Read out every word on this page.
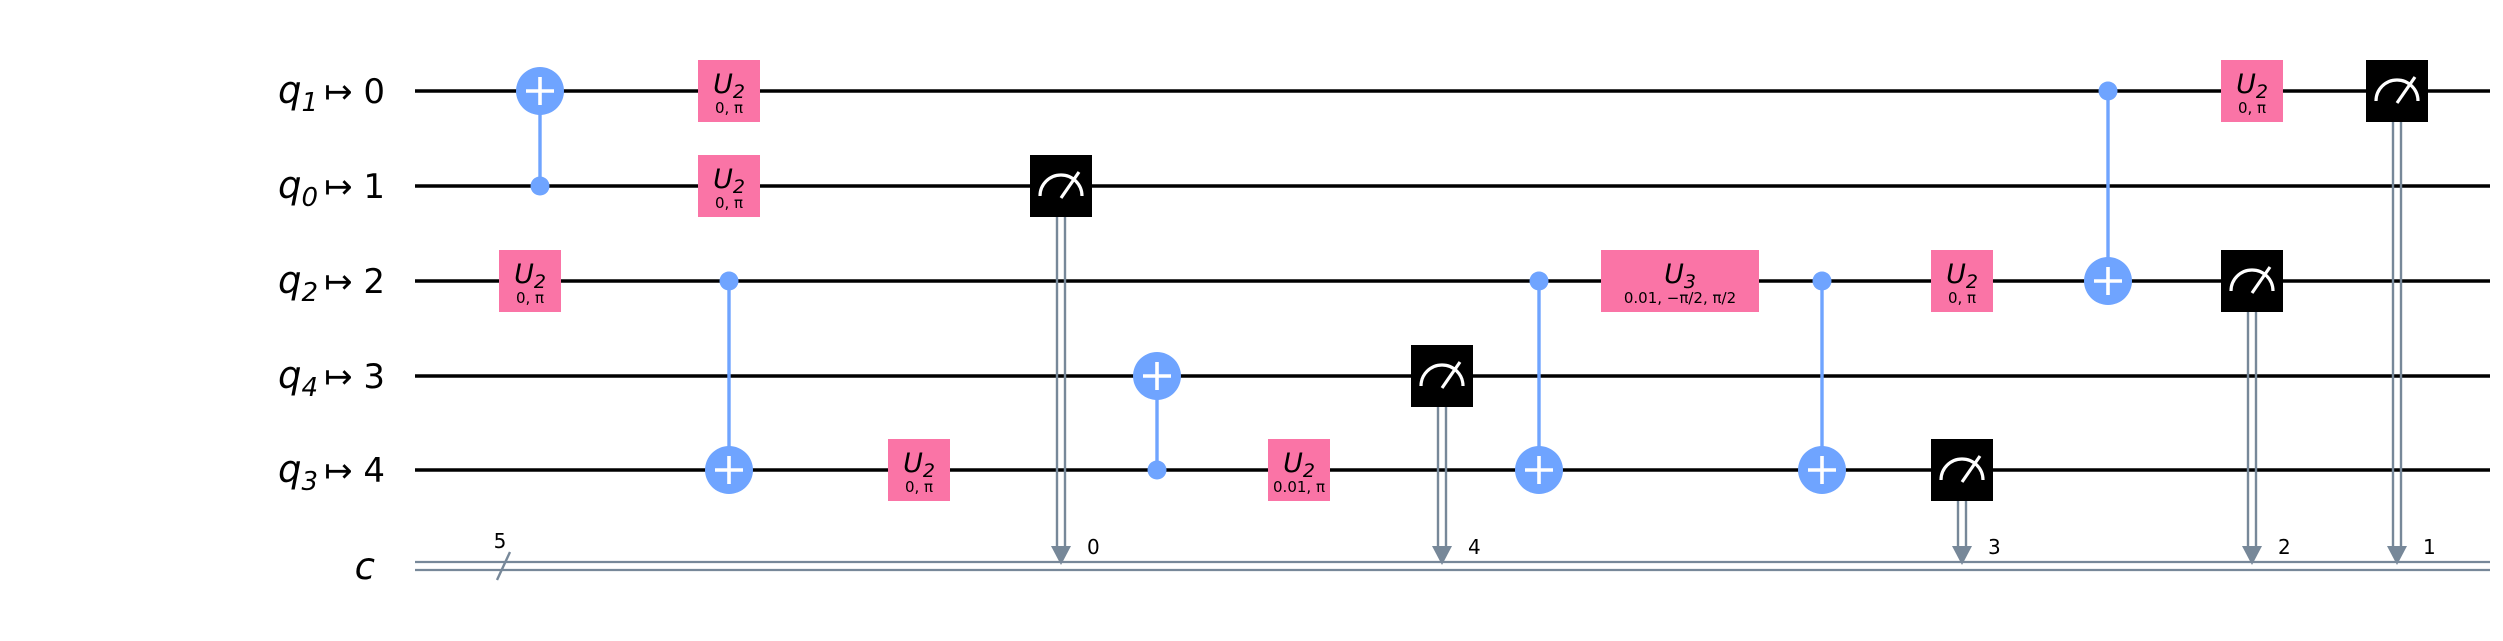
q1 ↦ 0
q0 ↦ 1
q2 ↦ 2
q4 ↦ 3
q3 ↦ 4
c
5
U2
0, π
U2
0, π
U2
0, π
U2
0, π
0
U2
0.01, π
4
U3
0.01, −π/2, π/2
U2
0, π
3
U2
0, π
2	1
